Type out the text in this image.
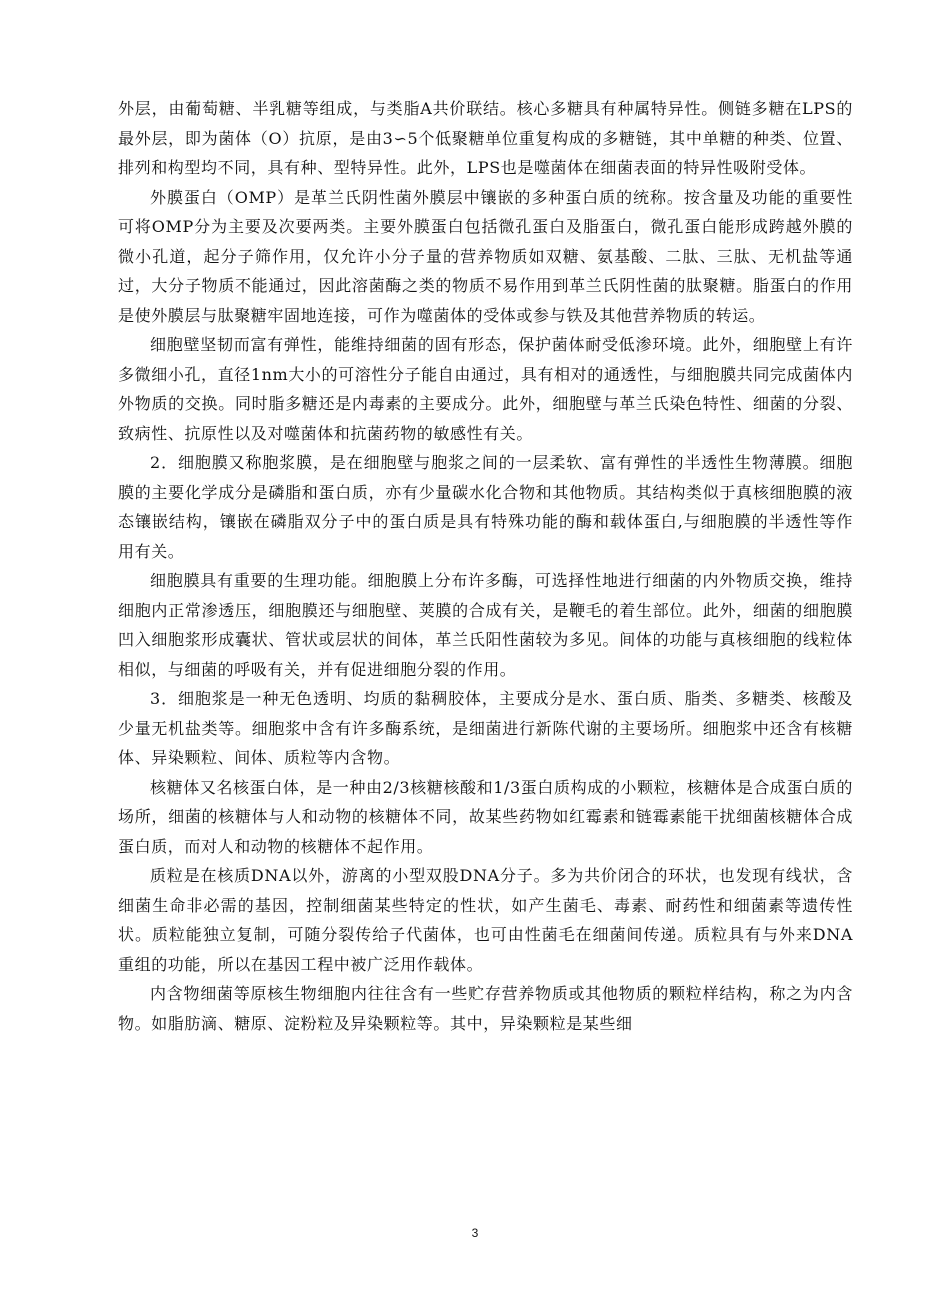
外层，由葡萄糖、半乳糖等组成，与类脂A共价联结。核心多糖具有种属特异性。侧链多糖在LPS的最外层，即为菌体（O）抗原，是由3∽5个低聚糖单位重复构成的多糖链，其中单糖的种类、位置、排列和构型均不同，具有种、型特异性。此外，LPS也是噬菌体在细菌表面的特异性吸附受体。

外膜蛋白（OMP）是革兰氏阴性菌外膜层中镶嵌的多种蛋白质的统称。按含量及功能的重要性可将OMP分为主要及次要两类。主要外膜蛋白包括微孔蛋白及脂蛋白，微孔蛋白能形成跨越外膜的微小孔道，起分子筛作用，仅允许小分子量的营养物质如双糖、氨基酸、二肽、三肽、无机盐等通过，大分子物质不能通过，因此溶菌酶之类的物质不易作用到革兰氏阴性菌的肽聚糖。脂蛋白的作用是使外膜层与肽聚糖牢固地连接，可作为噬菌体的受体或参与铁及其他营养物质的转运。

细胞壁坚韧而富有弹性，能维持细菌的固有形态，保护菌体耐受低渗环境。此外，细胞壁上有许多微细小孔，直径1nm大小的可溶性分子能自由通过，具有相对的通透性，与细胞膜共同完成菌体内外物质的交换。同时脂多糖还是内毒素的主要成分。此外，细胞壁与革兰氏染色特性、细菌的分裂、致病性、抗原性以及对噬菌体和抗菌药物的敏感性有关。

2．细胞膜又称胞浆膜，是在细胞壁与胞浆之间的一层柔软、富有弹性的半透性生物薄膜。细胞膜的主要化学成分是磷脂和蛋白质，亦有少量碳水化合物和其他物质。其结构类似于真核细胞膜的液态镶嵌结构，镶嵌在磷脂双分子中的蛋白质是具有特殊功能的酶和载体蛋白,与细胞膜的半透性等作用有关。

细胞膜具有重要的生理功能。细胞膜上分布许多酶，可选择性地进行细菌的内外物质交换，维持细胞内正常渗透压，细胞膜还与细胞壁、荚膜的合成有关，是鞭毛的着生部位。此外，细菌的细胞膜凹入细胞浆形成囊状、管状或层状的间体，革兰氏阳性菌较为多见。间体的功能与真核细胞的线粒体相似，与细菌的呼吸有关，并有促进细胞分裂的作用。

3．细胞浆是一种无色透明、均质的黏稠胶体，主要成分是水、蛋白质、脂类、多糖类、核酸及少量无机盐类等。细胞浆中含有许多酶系统，是细菌进行新陈代谢的主要场所。细胞浆中还含有核糖体、异染颗粒、间体、质粒等内含物。

核糖体又名核蛋白体，是一种由2/3核糖核酸和1/3蛋白质构成的小颗粒，核糖体是合成蛋白质的场所，细菌的核糖体与人和动物的核糖体不同，故某些药物如红霉素和链霉素能干扰细菌核糖体合成蛋白质，而对人和动物的核糖体不起作用。

质粒是在核质DNA以外，游离的小型双股DNA分子。多为共价闭合的环状，也发现有线状，含细菌生命非必需的基因，控制细菌某些特定的性状，如产生菌毛、毒素、耐药性和细菌素等遗传性状。质粒能独立复制，可随分裂传给子代菌体，也可由性菌毛在细菌间传递。质粒具有与外来DNA重组的功能，所以在基因工程中被广泛用作载体。

内含物细菌等原核生物细胞内往往含有一些贮存营养物质或其他物质的颗粒样结构，称之为内含物。如脂肪滴、糖原、淀粉粒及异染颗粒等。其中，异染颗粒是某些细

3
